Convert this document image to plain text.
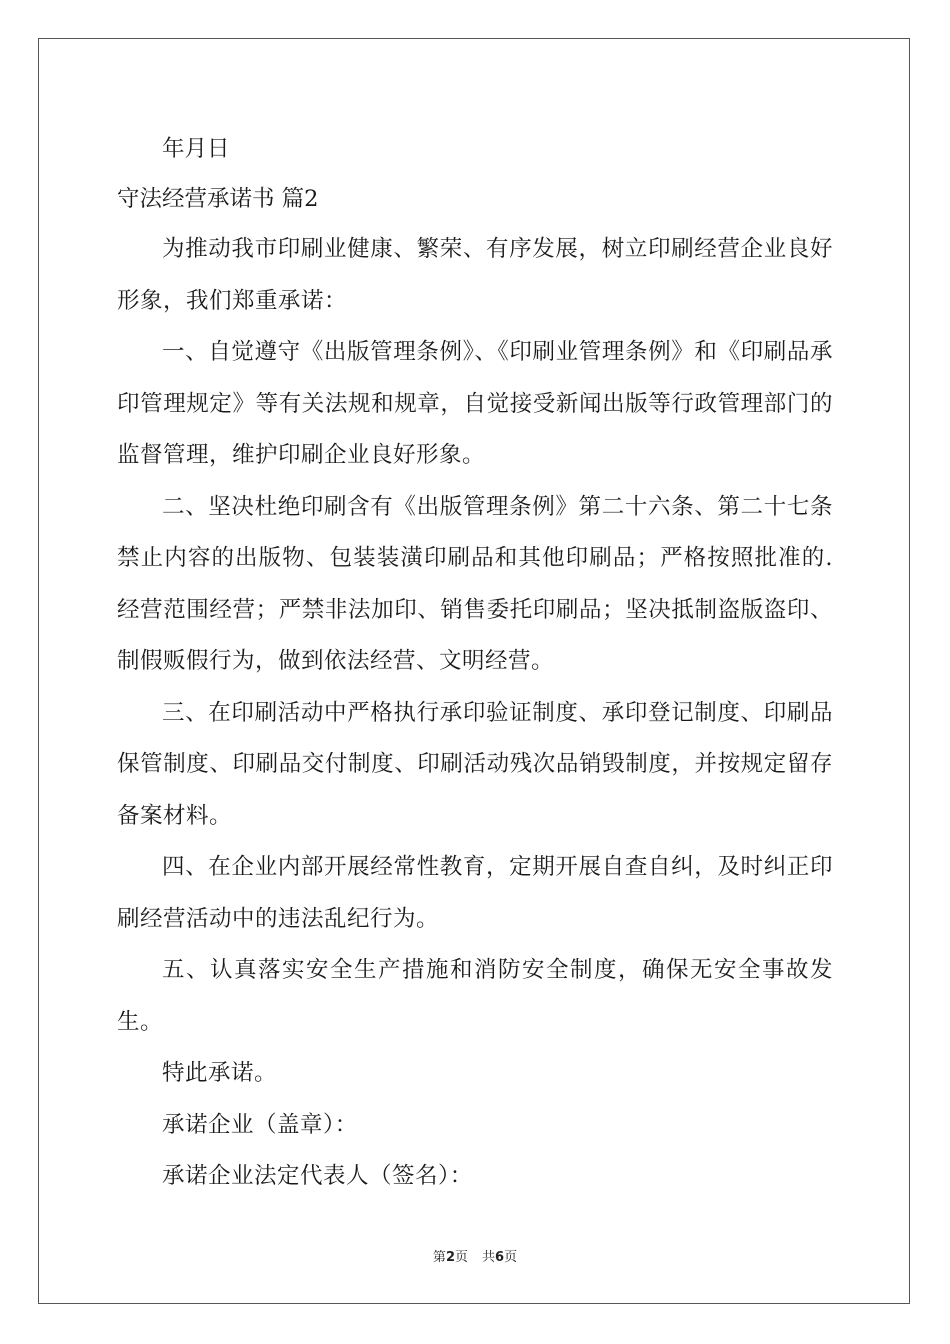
年月日

守法经营承诺书 篇2

为推动我市印刷业健康、繁荣、有序发展，树立印刷经营企业良好形象，我们郑重承诺：

一、自觉遵守《出版管理条例》、《印刷业管理条例》和《印刷品承印管理规定》等有关法规和规章，自觉接受新闻出版等行政管理部门的监督管理，维护印刷企业良好形象。

二、坚决杜绝印刷含有《出版管理条例》第二十六条、第二十七条禁止内容的出版物、包装装潢印刷品和其他印刷品；严格按照批准的.经营范围经营；严禁非法加印、销售委托印刷品；坚决抵制盗版盗印、制假贩假行为，做到依法经营、文明经营。

三、在印刷活动中严格执行承印验证制度、承印登记制度、印刷品保管制度、印刷品交付制度、印刷活动残次品销毁制度，并按规定留存备案材料。

四、在企业内部开展经常性教育，定期开展自查自纠，及时纠正印刷经营活动中的违法乱纪行为。

五、认真落实安全生产措施和消防安全制度，确保无安全事故发生。

特此承诺。

承诺企业（盖章）：

承诺企业法定代表人（签名）：

第2页 共6页
